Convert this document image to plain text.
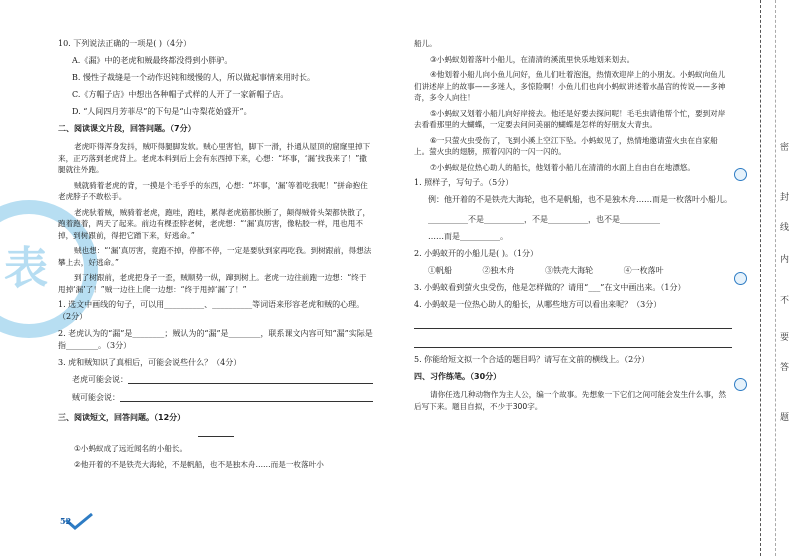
表
10. 下列说法正确的一项是( )（4分）
A.《漏》中的老虎和贼最终都没得到小胖驴。
B. 慢性子裁缝是一个动作迟钝和缓慢的人，所以做起事情来用时长。
C.《方帽子店》中想出各种帽子式样的人开了一家新帽子店。
D. “人间四月芳菲尽”的下句是“山寺梨花始盛开”。
二、阅读课文片段，回答问题。（7分）
老虎吓得浑身发抖，贼吓得腿脚发软。贼心里害怕，脚下一滑，扑通从屋顶的窟窿里掉下来，正巧落到老虎背上。老虎本料到后上会有东西掉下来，心想：“坏事，‘漏’找我来了！”撒腿就往外跑。
贼就骑着老虎的背，一摸是个毛乎乎的东西，心想：“坏事，‘漏’等着吃我呢！”拼命抱住老虎脖子不敢松手。
老虎驮着贼，贼骑着老虎，跑哇，跑哇，累得老虎筋都快断了，颠得贼骨头架都快散了，跑着跑着，两天了起来。前边有棵歪脖老树，老虎想：“‘漏’真厉害，像粘胶一样，甩也甩不掉，到树跟前，得把它蹭下来，好逃命。”
贼也想：“‘漏’真厉害，竟跑不掉，停都不停，一定是要驮到家再吃我。到树跟前，得想法攀上去，好逃命。”
到了树跟前，老虎把身子一歪，贼顺势一纵，蹿到树上。老虎一边往前跑一边想：“终于甩掉‘漏’了！”贼一边往上爬一边想：“终于甩掉‘漏’了！”
1. 选文中画线的句子，可以用__________、__________等词语来形容老虎和贼的心理。（2分）
2. 老虎认为的“漏”是________；贼认为的“漏”是________，联系课文内容可知“漏”实际是指________。（3分）
3. 虎和贼知识了真相后，可能会说些什么？（4分）
老虎可能会说：
贼可能会说：
三、阅读短文，回答问题。（12分）
①小蚂蚁成了远近闻名的小船长。
②他开着的不是铁壳大海轮，不是帆船，也不是独木舟……而是一枚落叶小
船儿。
③小蚂蚁划着落叶小船儿，在清清的溪流里快乐地划来划去。
④他划着小船儿向小鱼儿问好，鱼儿们吐着泡泡，热情欢迎岸上的小朋友。小蚂蚁向鱼儿们讲述岸上的故事——多迷人，多惊险啊！小鱼儿们也向小蚂蚁讲述着水晶宫的传说——多神奇，多令人向往！
⑤小蚂蚁又划着小船儿向好岸接去。他还是好要去探问呢！毛毛虫请他帮个忙，要到对岸去看看那里的大蝴蝶，一定要去问问美丽的蝴蝶是怎样的好朋友大青虫。
⑥一只萤火虫受伤了，飞到小溪上空江下坠。小蚂蚁见了，热情地邀请萤火虫在自家船上。萤火虫的翅膀，照着闪闪的一闪一闪的。
⑦小蚂蚁是位热心助人的船长，他划着小船儿在清清的水面上自由自在地漂悠。
1. 照样子，写句子。（5分）
例：他开着的不是铁壳大海轮，也不是帆船，也不是独木舟……而是一枚落叶小船儿。
__________不是__________，不是__________，也不是__________
……而是__________。
2. 小蚂蚁开的小船儿是( )。（1分）
①帆船	②独木舟	③铁壳大海轮	④一枚落叶
3. 小蚂蚁看到萤火虫受伤，他是怎样做的？请用“___”在文中画出来。（1分）
4. 小蚂蚁是一位热心助人的船长，从哪些地方可以看出来呢？（3分）
5. 你能给短文拟一个合适的题目吗？请写在文前的横线上。（2分）
四、习作练笔。（30分）
请你任选几种动物作为主人公，编一个故事。先想象一下它们之间可能会发生什么事，然后写下来。题目自拟，不少于300字。
52
密
封
线
内
不
要
答
题
